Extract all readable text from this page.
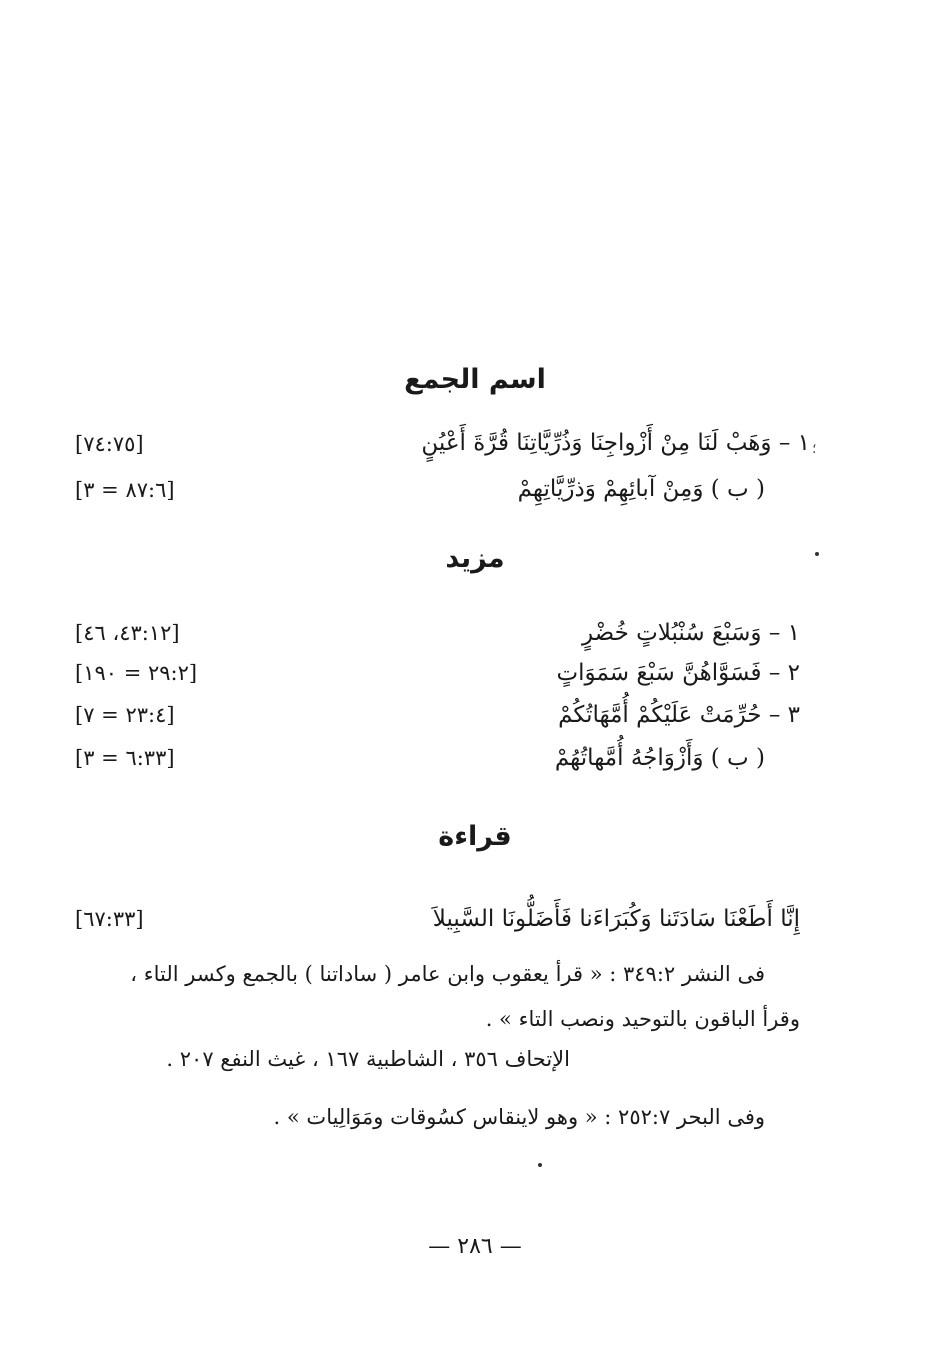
اسم الجمع
١ – وَهَبْ لَنَا مِنْ أَزْواجِنَا وَذُرِّيَّاتِنَا قُرَّةَ أَعْيُنٍ ؛
[٧٤:٧٥]
( ب ) وَمِنْ آبائِهِمْ وَذرِّيَّاتِهِمْ
[٨٧:٦ = ٣]
مزيد
١ – وَسَبْعَ سُنْبُلاتٍ خُضْرٍ
[٤٣:١٢، ٤٦]
٢ – فَسَوَّاهُنَّ سَبْعَ سَمَوَاتٍ
[٢٩:٢ = ١٩٠]
٣ – حُرِّمَتْ عَلَيْكُمْ أُمَّهَاتُكُمْ
[٢٣:٤ = ٧]
( ب ) وَأَزْوَاجُهُ أُمَّهاتُهُمْ
[٦:٣٣ = ٣]
قراءة
إِنَّا أَطَعْنَا سَادَتَنا وَكُبَرَاءَنا فَأَضَلُّونَا السَّبِيلاَ
[٦٧:٣٣]
فى النشر ٣٤٩:٢ : « قرأ يعقوب وابن عامر ( ساداتنا ) بالجمع وكسر التاء ،
وقرأ الباقون بالتوحيد ونصب التاء » .
الإتحاف ٣٥٦ ، الشاطبية ١٦٧ ، غيث النفع ٢٠٧ .
وفى البحر ٢٥٢:٧ : « وهو لاينقاس كسُوقات ومَوَالِيات » .
— ٢٨٦ —
